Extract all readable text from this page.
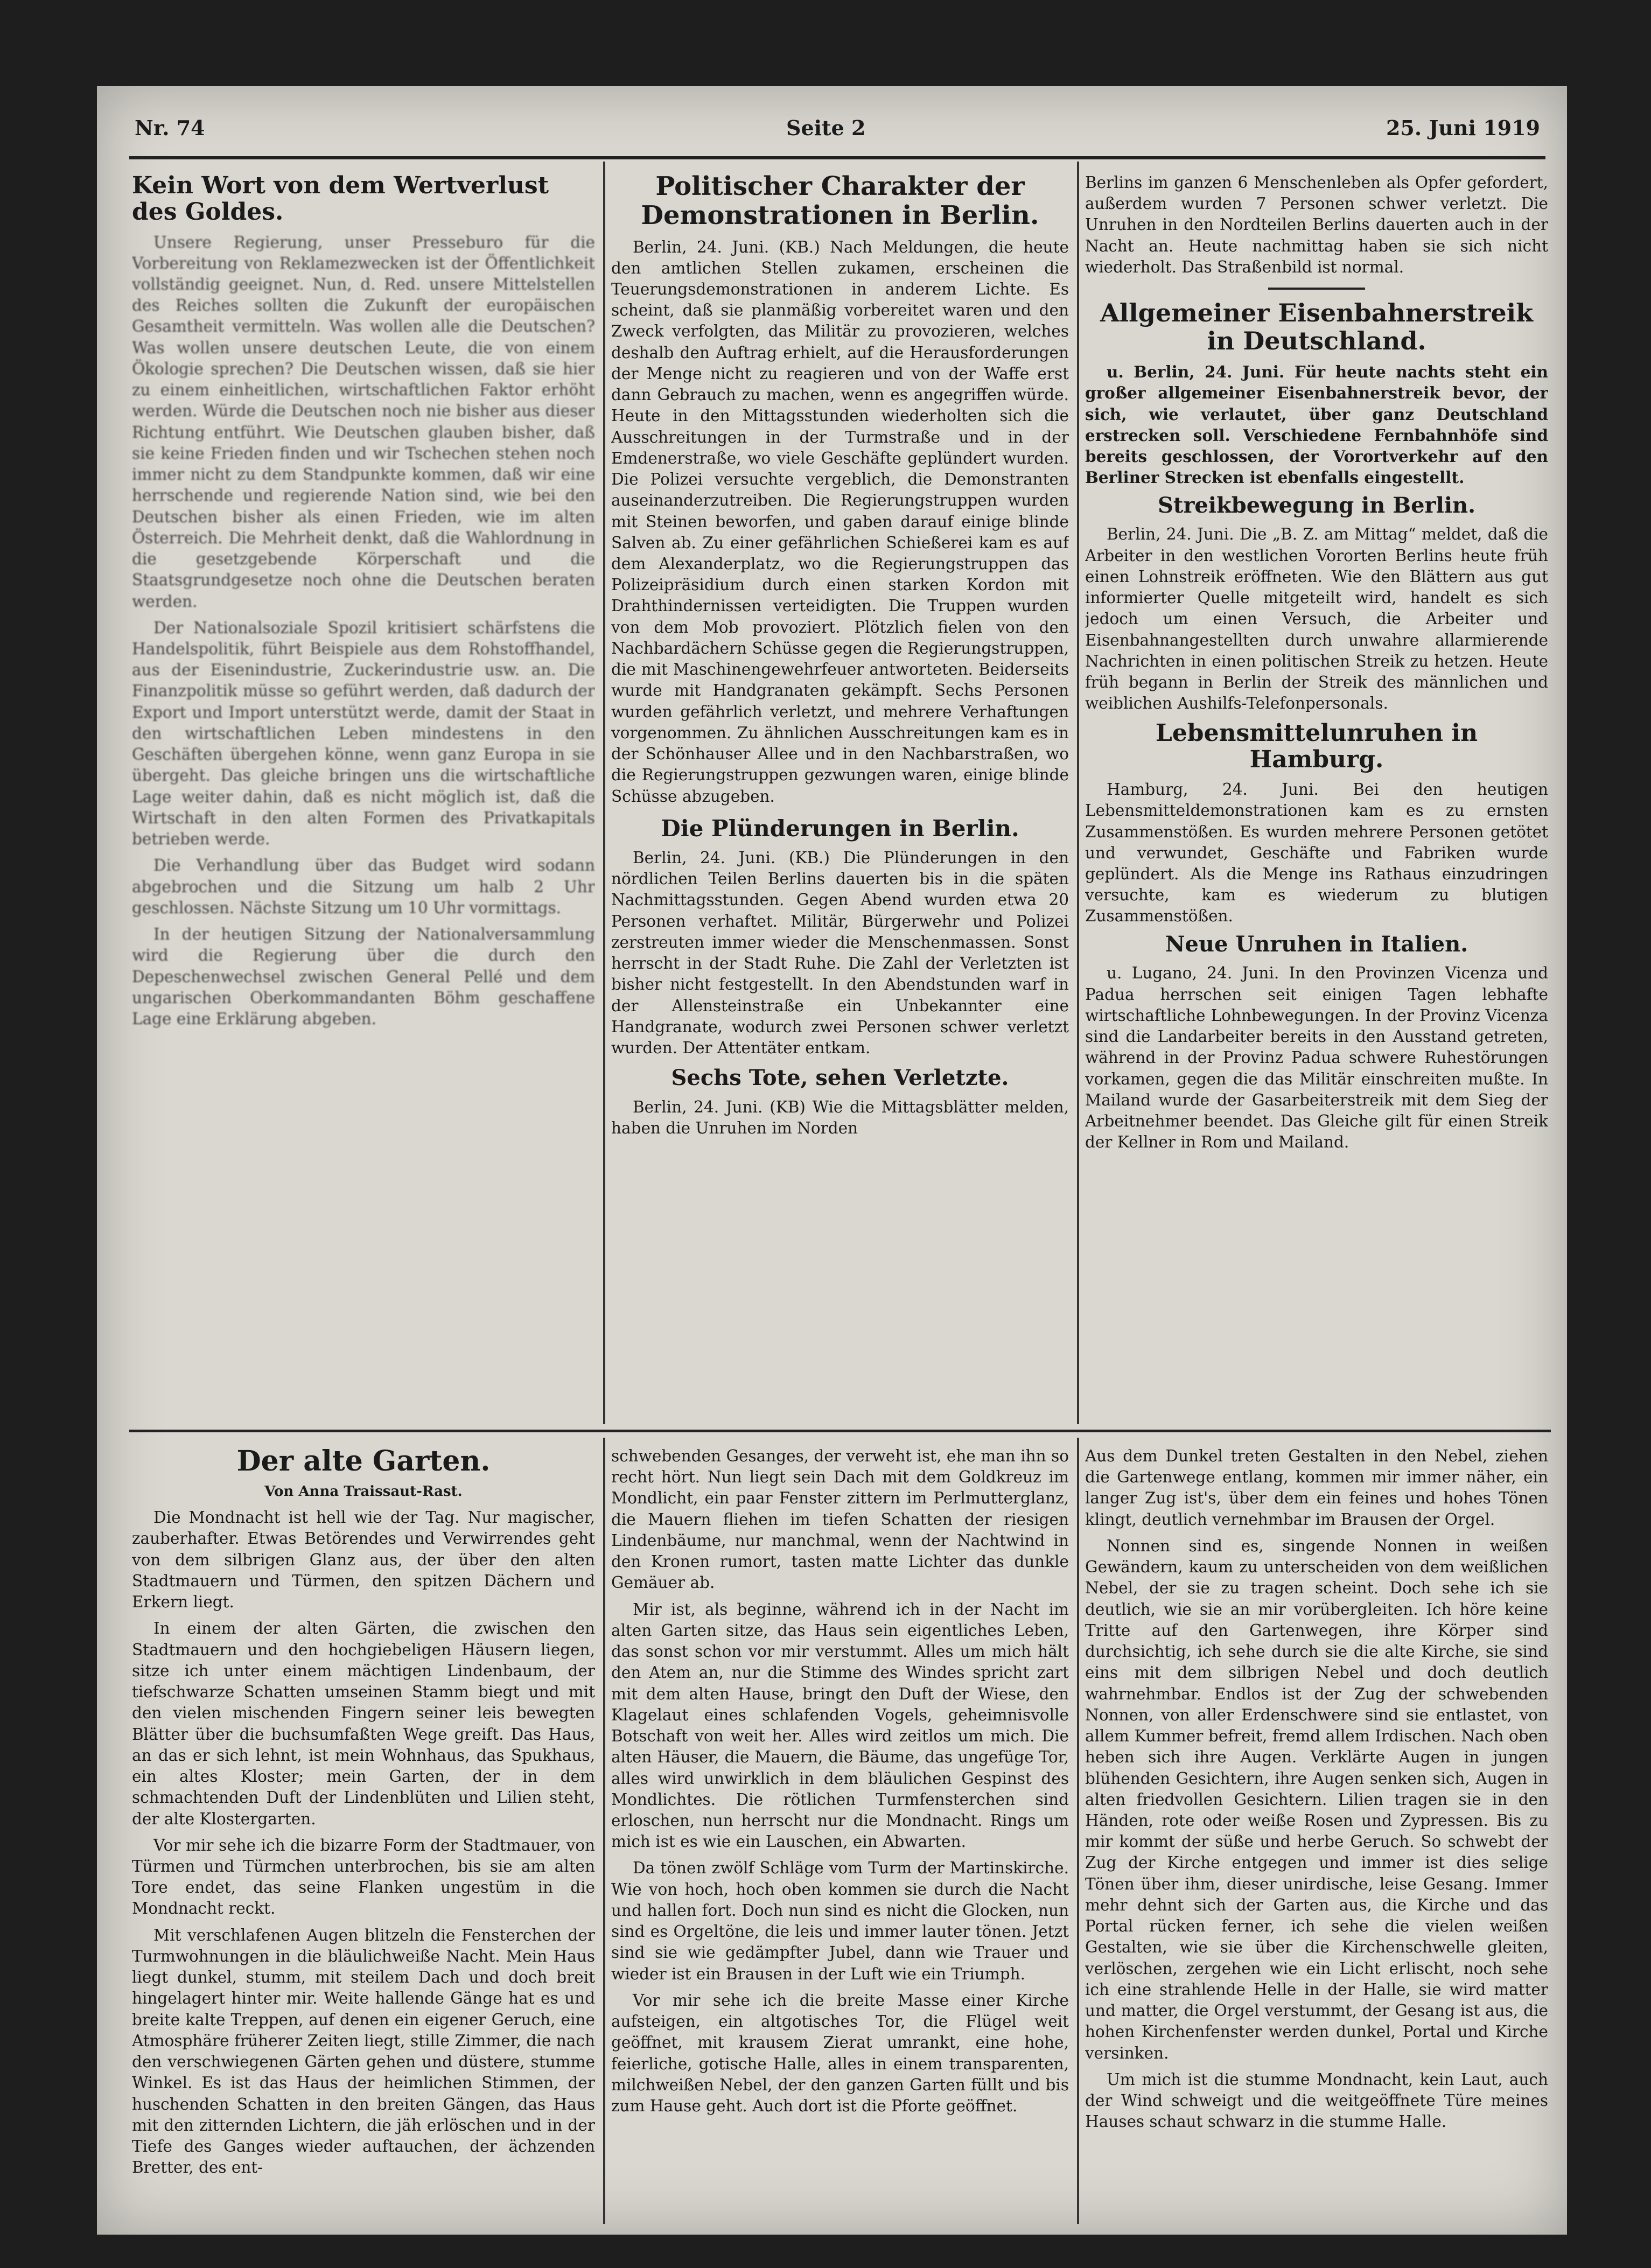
Nr. 74	Seite 2	25. Juni 1919
Kein Wort von dem Wertverlust des Goldes.

Unsere Regierung, unser Presseburo für die Vorbereitung von Reklamezwecken ist der Öffentlichkeit vollständig geeignet. Nun, d. Red. unsere Mittelstellen des Reiches sollten die Zukunft der europäischen Gesamtheit vermitteln. Was wollen alle die Deutschen? Was wollen unsere deutschen Leute, die von einem Ökologie sprechen? Die Deutschen wissen, daß sie hier zu einem einheitlichen, wirtschaftlichen Faktor erhöht werden. Würde die Deutschen noch nie bisher aus dieser Richtung entführt. Wie Deutschen glauben bisher, daß sie keine Frieden finden und wir Tschechen stehen noch immer nicht zu dem Standpunkte kommen, daß wir eine herrschende und regierende Nation sind, wie bei den Deutschen bisher als einen Frieden, wie im alten Österreich. Die Mehrheit denkt, daß die Wahlordnung in die gesetzgebende Körperschaft und die Staatsgrundgesetze noch ohne die Deutschen beraten werden.

Der Nationalsoziale Spozil kritisiert schärfstens die Handelspolitik, führt Beispiele aus dem Rohstoffhandel, aus der Eisenindustrie, Zuckerindustrie usw. an. Die Finanzpolitik müsse so geführt werden, daß dadurch der Export und Import unterstützt werde, damit der Staat in den wirtschaftlichen Leben mindestens in den Geschäften übergehen könne, wenn ganz Europa in sie übergeht. Das gleiche bringen uns die wirtschaftliche Lage weiter dahin, daß es nicht möglich ist, daß die Wirtschaft in den alten Formen des Privatkapitals betrieben werde.

Die Verhandlung über das Budget wird sodann abgebrochen und die Sitzung um halb 2 Uhr geschlossen. Nächste Sitzung um 10 Uhr vormittags.

In der heutigen Sitzung der Nationalversammlung wird die Regierung über die durch den Depeschenwechsel zwischen General Pellé und dem ungarischen Oberkommandanten Böhm geschaffene Lage eine Erklärung abgeben.

Politischer Charakter der Demonstrationen in Berlin.

Berlin, 24. Juni. (KB.) Nach Meldungen, die heute den amtlichen Stellen zukamen, erscheinen die Teuerungsdemonstrationen in anderem Lichte. Es scheint, daß sie planmäßig vorbereitet waren und den Zweck verfolgten, das Militär zu provozieren, welches deshalb den Auftrag erhielt, auf die Herausforderungen der Menge nicht zu reagieren und von der Waffe erst dann Gebrauch zu machen, wenn es angegriffen würde. Heute in den Mittagsstunden wiederholten sich die Ausschreitungen in der Turmstraße und in der Emdenerstraße, wo viele Geschäfte geplündert wurden. Die Polizei versuchte vergeblich, die Demonstranten auseinanderzutreiben. Die Regierungstruppen wurden mit Steinen beworfen, und gaben darauf einige blinde Salven ab. Zu einer gefährlichen Schießerei kam es auf dem Alexanderplatz, wo die Regierungstruppen das Polizeipräsidium durch einen starken Kordon mit Drahthindernissen verteidigten. Die Truppen wurden von dem Mob provoziert. Plötzlich fielen von den Nachbardächern Schüsse gegen die Regierungstruppen, die mit Maschinengewehrfeuer antworteten. Beiderseits wurde mit Handgranaten gekämpft. Sechs Personen wurden gefährlich verletzt, und mehrere Verhaftungen vorgenommen. Zu ähnlichen Ausschreitungen kam es in der Schönhauser Allee und in den Nachbarstraßen, wo die Regierungstruppen gezwungen waren, einige blinde Schüsse abzugeben.

Die Plünderungen in Berlin.

Berlin, 24. Juni. (KB.) Die Plünderungen in den nördlichen Teilen Berlins dauerten bis in die späten Nachmittagsstunden. Gegen Abend wurden etwa 20 Personen verhaftet. Militär, Bürgerwehr und Polizei zerstreuten immer wieder die Menschenmassen. Sonst herrscht in der Stadt Ruhe. Die Zahl der Verletzten ist bisher nicht festgestellt. In den Abendstunden warf in der Allensteinstraße ein Unbekannter eine Handgranate, wodurch zwei Personen schwer verletzt wurden. Der Attentäter entkam.

Sechs Tote, sehen Verletzte.

Berlin, 24. Juni. (KB) Wie die Mittagsblätter melden, haben die Unruhen im Norden

Berlins im ganzen 6 Menschenleben als Opfer gefordert, außerdem wurden 7 Personen schwer verletzt. Die Unruhen in den Nordteilen Berlins dauerten auch in der Nacht an. Heute nachmittag haben sie sich nicht wiederholt. Das Straßenbild ist normal.

Allgemeiner Eisenbahnerstreik in Deutschland.

u. Berlin, 24. Juni. Für heute nachts steht ein großer allgemeiner Eisenbahnerstreik bevor, der sich, wie verlautet, über ganz Deutschland erstrecken soll. Verschiedene Fernbahnhöfe sind bereits geschlossen, der Vorortverkehr auf den Berliner Strecken ist ebenfalls eingestellt.

Streikbewegung in Berlin.

Berlin, 24. Juni. Die „B. Z. am Mittag“ meldet, daß die Arbeiter in den westlichen Vororten Berlins heute früh einen Lohnstreik eröffneten. Wie den Blättern aus gut informierter Quelle mitgeteilt wird, handelt es sich jedoch um einen Versuch, die Arbeiter und Eisenbahnangestellten durch unwahre allarmierende Nachrichten in einen politischen Streik zu hetzen. Heute früh begann in Berlin der Streik des männlichen und weiblichen Aushilfs-Telefonpersonals.

Lebensmittelunruhen in Hamburg.

Hamburg, 24. Juni. Bei den heutigen Lebensmitteldemonstrationen kam es zu ernsten Zusammenstößen. Es wurden mehrere Personen getötet und verwundet, Geschäfte und Fabriken wurde geplündert. Als die Menge ins Rathaus einzudringen versuchte, kam es wiederum zu blutigen Zusammenstößen.

Neue Unruhen in Italien.

u. Lugano, 24. Juni. In den Provinzen Vicenza und Padua herrschen seit einigen Tagen lebhafte wirtschaftliche Lohnbewegungen. In der Provinz Vicenza sind die Landarbeiter bereits in den Ausstand getreten, während in der Provinz Padua schwere Ruhestörungen vorkamen, gegen die das Militär einschreiten mußte. In Mailand wurde der Gasarbeiterstreik mit dem Sieg der Arbeitnehmer beendet. Das Gleiche gilt für einen Streik der Kellner in Rom und Mailand.

Der alte Garten.
Von Anna Traissaut-Rast.

Die Mondnacht ist hell wie der Tag. Nur magischer, zauberhafter. Etwas Betörendes und Verwirrendes geht von dem silbrigen Glanz aus, der über den alten Stadtmauern und Türmen, den spitzen Dächern und Erkern liegt.

In einem der alten Gärten, die zwischen den Stadtmauern und den hochgiebeligen Häusern liegen, sitze ich unter einem mächtigen Lindenbaum, der tiefschwarze Schatten umseinen Stamm biegt und mit den vielen mischenden Fingern seiner leis bewegten Blätter über die buchsumfaßten Wege greift. Das Haus, an das er sich lehnt, ist mein Wohnhaus, das Spukhaus, ein altes Kloster; mein Garten, der in dem schmachtenden Duft der Lindenblüten und Lilien steht, der alte Klostergarten.

Vor mir sehe ich die bizarre Form der Stadtmauer, von Türmen und Türmchen unterbrochen, bis sie am alten Tore endet, das seine Flanken ungestüm in die Mondnacht reckt.

Mit verschlafenen Augen blitzeln die Fensterchen der Turmwohnungen in die bläulichweiße Nacht. Mein Haus liegt dunkel, stumm, mit steilem Dach und doch breit hingelagert hinter mir. Weite hallende Gänge hat es und breite kalte Treppen, auf denen ein eigener Geruch, eine Atmosphäre früherer Zeiten liegt, stille Zimmer, die nach den verschwiegenen Gärten gehen und düstere, stumme Winkel. Es ist das Haus der heimlichen Stimmen, der huschenden Schatten in den breiten Gängen, das Haus mit den zitternden Lichtern, die jäh erlöschen und in der Tiefe des Ganges wieder auftauchen, der ächzenden Bretter, des ent-

schwebenden Gesanges, der verweht ist, ehe man ihn so recht hört. Nun liegt sein Dach mit dem Goldkreuz im Mondlicht, ein paar Fenster zittern im Perlmutterglanz, die Mauern fliehen im tiefen Schatten der riesigen Lindenbäume, nur manchmal, wenn der Nachtwind in den Kronen rumort, tasten matte Lichter das dunkle Gemäuer ab.

Mir ist, als beginne, während ich in der Nacht im alten Garten sitze, das Haus sein eigentliches Leben, das sonst schon vor mir verstummt. Alles um mich hält den Atem an, nur die Stimme des Windes spricht zart mit dem alten Hause, bringt den Duft der Wiese, den Klagelaut eines schlafenden Vogels, geheimnisvolle Botschaft von weit her. Alles wird zeitlos um mich. Die alten Häuser, die Mauern, die Bäume, das ungefüge Tor, alles wird unwirklich in dem bläulichen Gespinst des Mondlichtes. Die rötlichen Turmfensterchen sind erloschen, nun herrscht nur die Mondnacht. Rings um mich ist es wie ein Lauschen, ein Abwarten.

Da tönen zwölf Schläge vom Turm der Martinskirche. Wie von hoch, hoch oben kommen sie durch die Nacht und hallen fort. Doch nun sind es nicht die Glocken, nun sind es Orgeltöne, die leis und immer lauter tönen. Jetzt sind sie wie gedämpfter Jubel, dann wie Trauer und wieder ist ein Brausen in der Luft wie ein Triumph.

Vor mir sehe ich die breite Masse einer Kirche aufsteigen, ein altgotisches Tor, die Flügel weit geöffnet, mit krausem Zierat umrankt, eine hohe, feierliche, gotische Halle, alles in einem transparenten, milchweißen Nebel, der den ganzen Garten füllt und bis zum Hause geht. Auch dort ist die Pforte geöffnet.

Aus dem Dunkel treten Gestalten in den Nebel, ziehen die Gartenwege entlang, kommen mir immer näher, ein langer Zug ist's, über dem ein feines und hohes Tönen klingt, deutlich vernehmbar im Brausen der Orgel.

Nonnen sind es, singende Nonnen in weißen Gewändern, kaum zu unterscheiden von dem weißlichen Nebel, der sie zu tragen scheint. Doch sehe ich sie deutlich, wie sie an mir vorübergleiten. Ich höre keine Tritte auf den Gartenwegen, ihre Körper sind durchsichtig, ich sehe durch sie die alte Kirche, sie sind eins mit dem silbrigen Nebel und doch deutlich wahrnehmbar. Endlos ist der Zug der schwebenden Nonnen, von aller Erdenschwere sind sie entlastet, von allem Kummer befreit, fremd allem Irdischen. Nach oben heben sich ihre Augen. Verklärte Augen in jungen blühenden Gesichtern, ihre Augen senken sich, Augen in alten friedvollen Gesichtern. Lilien tragen sie in den Händen, rote oder weiße Rosen und Zypressen. Bis zu mir kommt der süße und herbe Geruch. So schwebt der Zug der Kirche entgegen und immer ist dies selige Tönen über ihm, dieser unirdische, leise Gesang. Immer mehr dehnt sich der Garten aus, die Kirche und das Portal rücken ferner, ich sehe die vielen weißen Gestalten, wie sie über die Kirchenschwelle gleiten, verlöschen, zergehen wie ein Licht erlischt, noch sehe ich eine strahlende Helle in der Halle, sie wird matter und matter, die Orgel verstummt, der Gesang ist aus, die hohen Kirchenfenster werden dunkel, Portal und Kirche versinken.

Um mich ist die stumme Mondnacht, kein Laut, auch der Wind schweigt und die weitgeöffnete Türe meines Hauses schaut schwarz in die stumme Halle.
